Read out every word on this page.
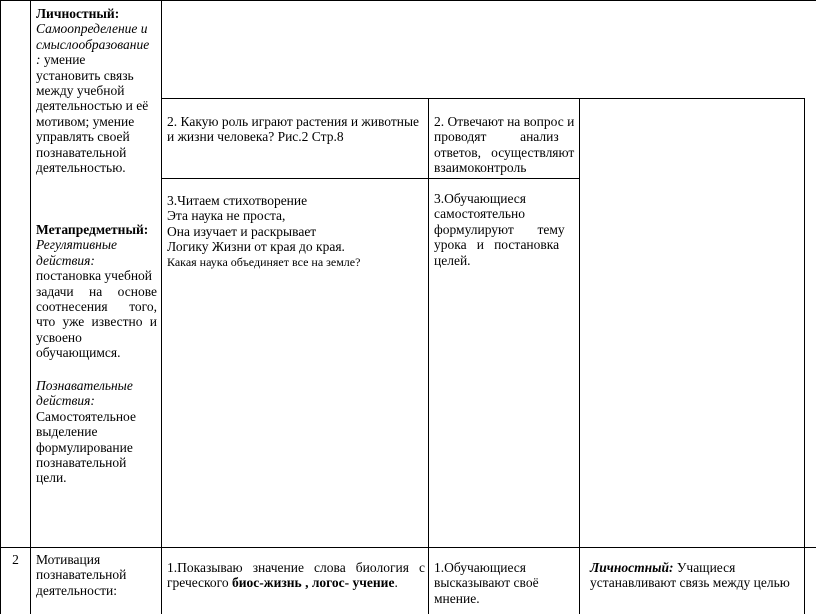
Личностный:
Самоопределение и
смыслообразование
: умение
установить связь
между учебной
деятельностью и её
мотивом; умение
управлять своей
познавательной
деятельностью.
Метапредметный:
Регулятивные
действия:
постановка учебной
задачи на основе
соотнесения того,
что уже известно и
усвоено
обучающимся.
Познавательные
действия:
Самостоятельное
выделение
формулирование
познавательной
цели.
2. Какую роль играют растения и животные
и жизни человека? Рис.2 Стр.8
2. Отвечают на вопрос и
проводят          анализ
ответов,   осуществляют
взаимоконтроль
3.Читаем стихотворение
Эта наука не проста,
Она изучает и раскрывает
Логику Жизни от края до края.
Какая наука объединяет все на земле?
3.Обучающиеся
самостоятельно
формулируют       тему
урока   и   постановка
целей.
2	Мотивация
познавательной
деятельности:
1.Показываю значение слова биология с
греческого биос-жизнь , логос- учение.
1.Обучающиеся
высказывают своё
мнение.
Личностный: Учащиеся
устанавливают связь между целью
